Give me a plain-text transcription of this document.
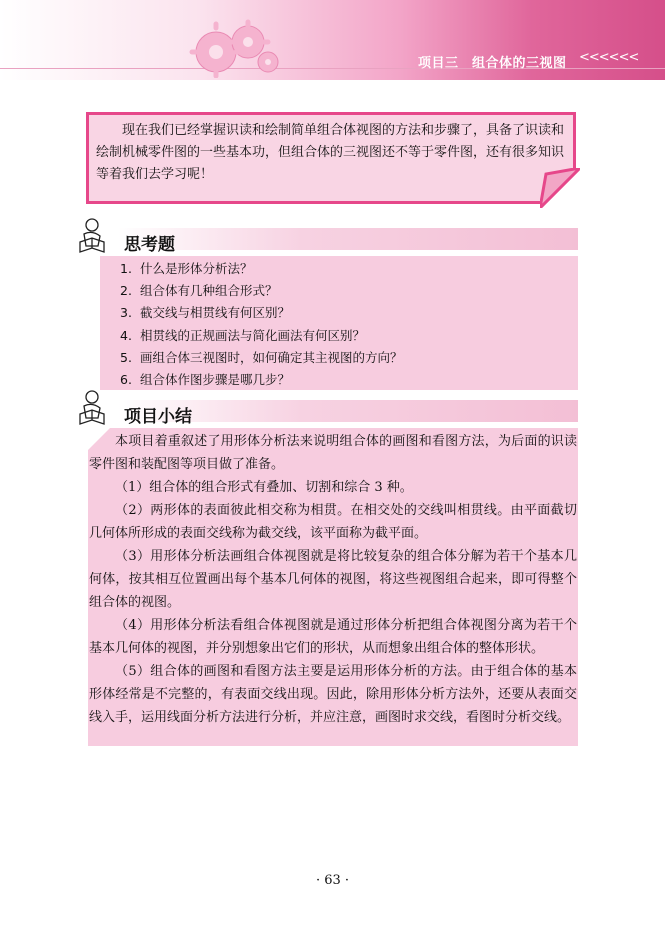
项目三　组合体的三视图 <<<<<<
现在我们已经掌握识读和绘制简单组合体视图的方法和步骤了，具备了识读和绘制机械零件图的一些基本功，但组合体的三视图还不等于零件图，还有很多知识等着我们去学习呢！
思考题
1. 什么是形体分析法？
2. 组合体有几种组合形式？
3. 截交线与相贯线有何区别？
4. 相贯线的正规画法与简化画法有何区别？
5. 画组合体三视图时，如何确定其主视图的方向？
6. 组合体作图步骤是哪几步？
项目小结

本项目着重叙述了用形体分析法来说明组合体的画图和看图方法，为后面的识读零件图和装配图等项目做了准备。

（1）组合体的组合形式有叠加、切割和综合 3 种。

（2）两形体的表面彼此相交称为相贯。在相交处的交线叫相贯线。由平面截切几何体所形成的表面交线称为截交线，该平面称为截平面。

（3）用形体分析法画组合体视图就是将比较复杂的组合体分解为若干个基本几何体，按其相互位置画出每个基本几何体的视图，将这些视图组合起来，即可得整个组合体的视图。

（4）用形体分析法看组合体视图就是通过形体分析把组合体视图分离为若干个基本几何体的视图，并分别想象出它们的形状，从而想象出组合体的整体形状。

（5）组合体的画图和看图方法主要是运用形体分析的方法。由于组合体的基本形体经常是不完整的，有表面交线出现。因此，除用形体分析方法外，还要从表面交线入手，运用线面分析方法进行分析，并应注意，画图时求交线，看图时分析交线。

· 63 ·
